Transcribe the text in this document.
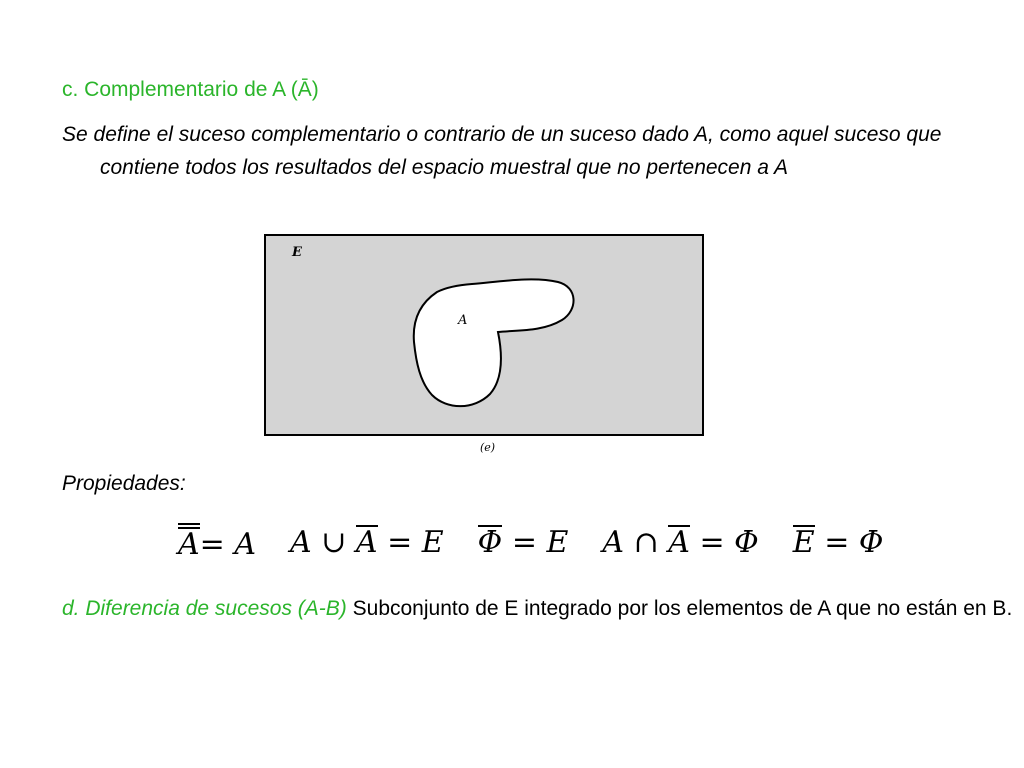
c. Complementario de A (Ā)
Se define el suceso complementario o contrario de un suceso dado A, como aquel suceso que contiene todos los resultados del espacio muestral que no pertenecen a A
E
A
(e)
Propiedades:
A= A A ∪ A = E Φ = E A ∩ A = Φ E = Φ
d. Diferencia de sucesos (A-B) Subconjunto de E integrado por los elementos de A que no están en B.
